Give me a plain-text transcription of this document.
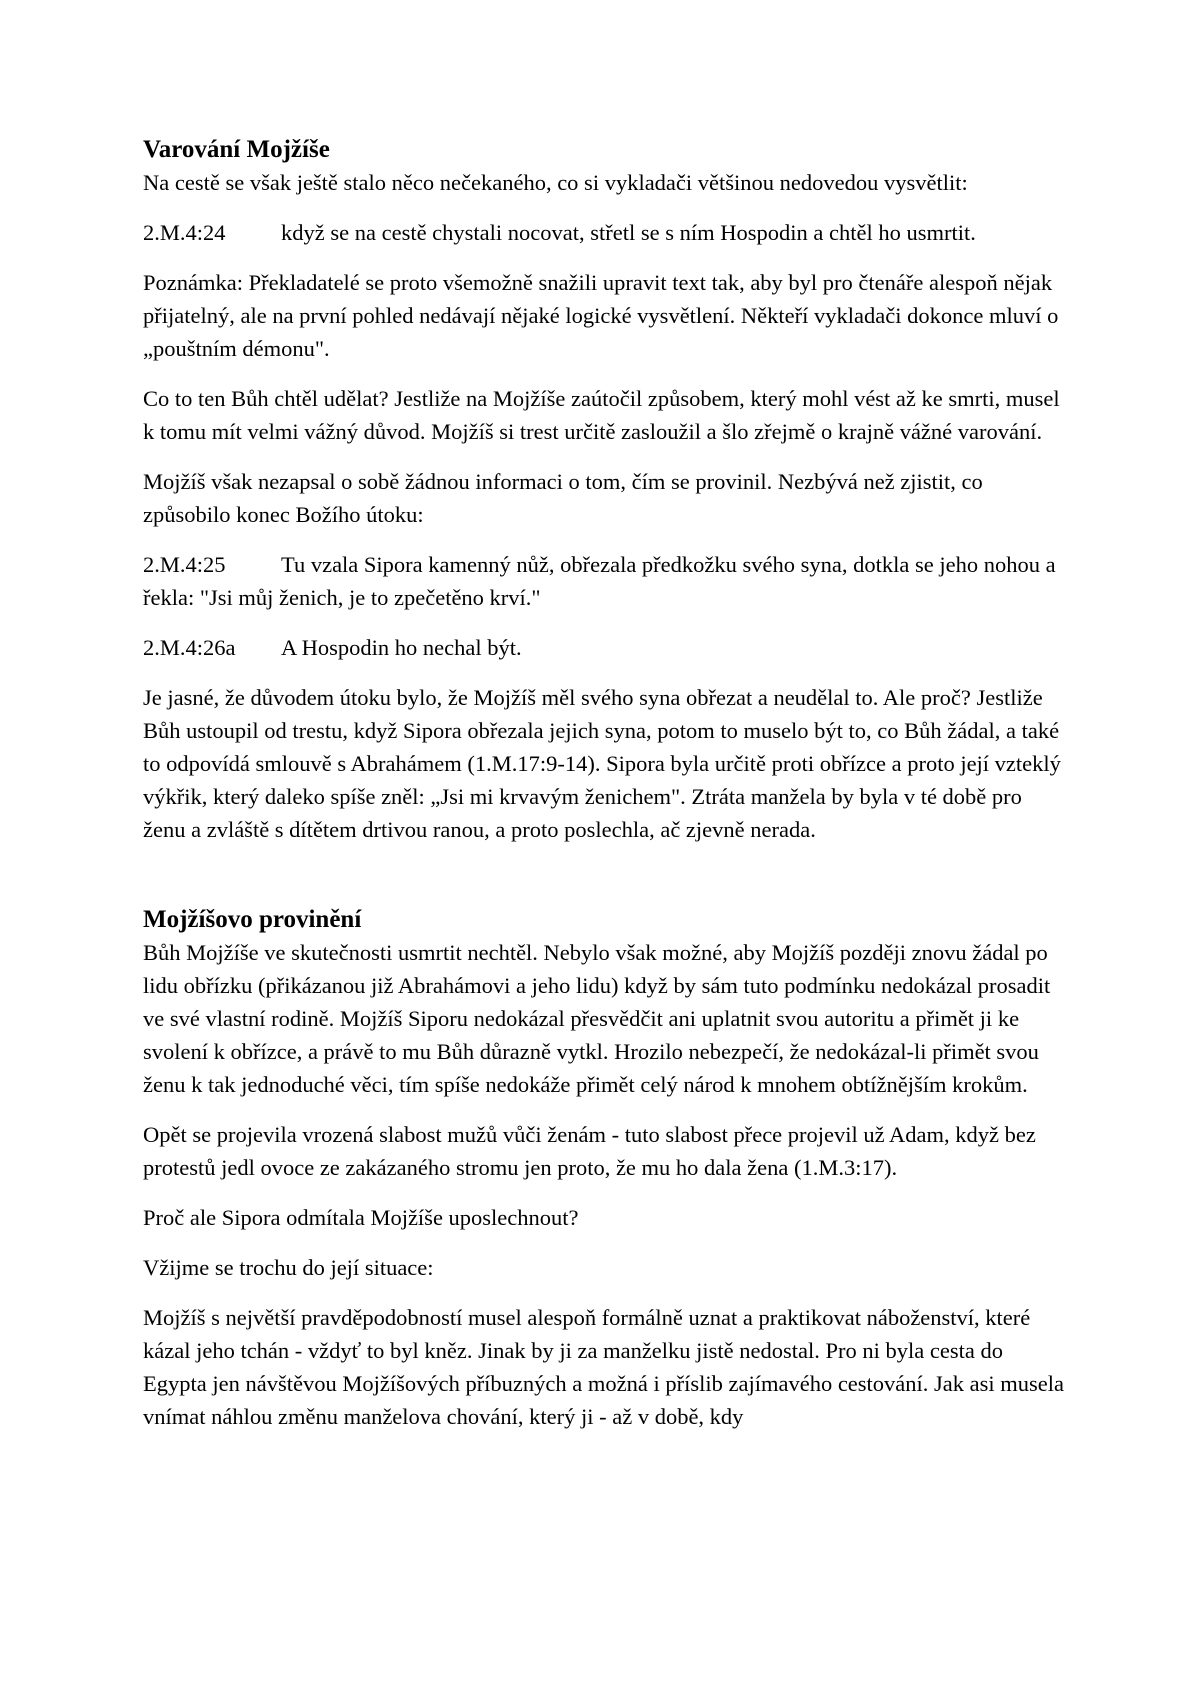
Varování Mojžíše

Na cestě se však ještě stalo něco nečekaného, co si vykladači většinou nedovedou vysvětlit:

2.M.4:24 když se na cestě chystali nocovat, střetl se s ním Hospodin a chtěl ho usmrtit.

Poznámka: Překladatelé se proto všemožně snažili upravit text tak, aby byl pro čtenáře alespoň nějak přijatelný, ale na první pohled nedávají nějaké logické vysvětlení. Někteří vykladači dokonce mluví o „pouštním démonu".

Co to ten Bůh chtěl udělat? Jestliže na Mojžíše zaútočil způsobem, který mohl vést až ke smrti, musel k tomu mít velmi vážný důvod. Mojžíš si trest určitě zasloužil a šlo zřejmě o krajně vážné varování.

Mojžíš však nezapsal o sobě žádnou informaci o tom, čím se provinil. Nezbývá než zjistit, co způsobilo konec Božího útoku:

2.M.4:25 Tu vzala Sipora kamenný nůž, obřezala předkožku svého syna, dotkla se jeho nohou a řekla: "Jsi můj ženich, je to zpečetěno krví."

2.M.4:26a A Hospodin ho nechal být.

Je jasné, že důvodem útoku bylo, že Mojžíš měl svého syna obřezat a neudělal to. Ale proč? Jestliže Bůh ustoupil od trestu, když Sipora obřezala jejich syna, potom to muselo být to, co Bůh žádal, a také to odpovídá smlouvě s Abrahámem (1.M.17:9-14). Sipora byla určitě proti obřízce a proto její vzteklý výkřik, který daleko spíše zněl: „Jsi mi krvavým ženichem". Ztráta manžela by byla v té době pro ženu a zvláště s dítětem drtivou ranou, a proto poslechla, ač zjevně nerada.

Mojžíšovo provinění

Bůh Mojžíše ve skutečnosti usmrtit nechtěl. Nebylo však možné, aby Mojžíš později znovu žádal po lidu obřízku (přikázanou již Abrahámovi a jeho lidu) když by sám tuto podmínku nedokázal prosadit ve své vlastní rodině. Mojžíš Siporu nedokázal přesvědčit ani uplatnit svou autoritu a přimět ji ke svolení k obřízce, a právě to mu Bůh důrazně vytkl. Hrozilo nebezpečí, že nedokázal-li přimět svou ženu k tak jednoduché věci, tím spíše nedokáže přimět celý národ k mnohem obtížnějším krokům.

Opět se projevila vrozená slabost mužů vůči ženám - tuto slabost přece projevil už Adam, když bez protestů jedl ovoce ze zakázaného stromu jen proto, že mu ho dala žena (1.M.3:17).

Proč ale Sipora odmítala Mojžíše uposlechnout?

Vžijme se trochu do její situace:

Mojžíš s největší pravděpodobností musel alespoň formálně uznat a praktikovat náboženství, které kázal jeho tchán - vždyť to byl kněz. Jinak by ji za manželku jistě nedostal. Pro ni byla cesta do Egypta jen návštěvou Mojžíšových příbuzných a možná i příslib zajímavého cestování. Jak asi musela vnímat náhlou změnu manželova chování, který ji - až v době, kdy
